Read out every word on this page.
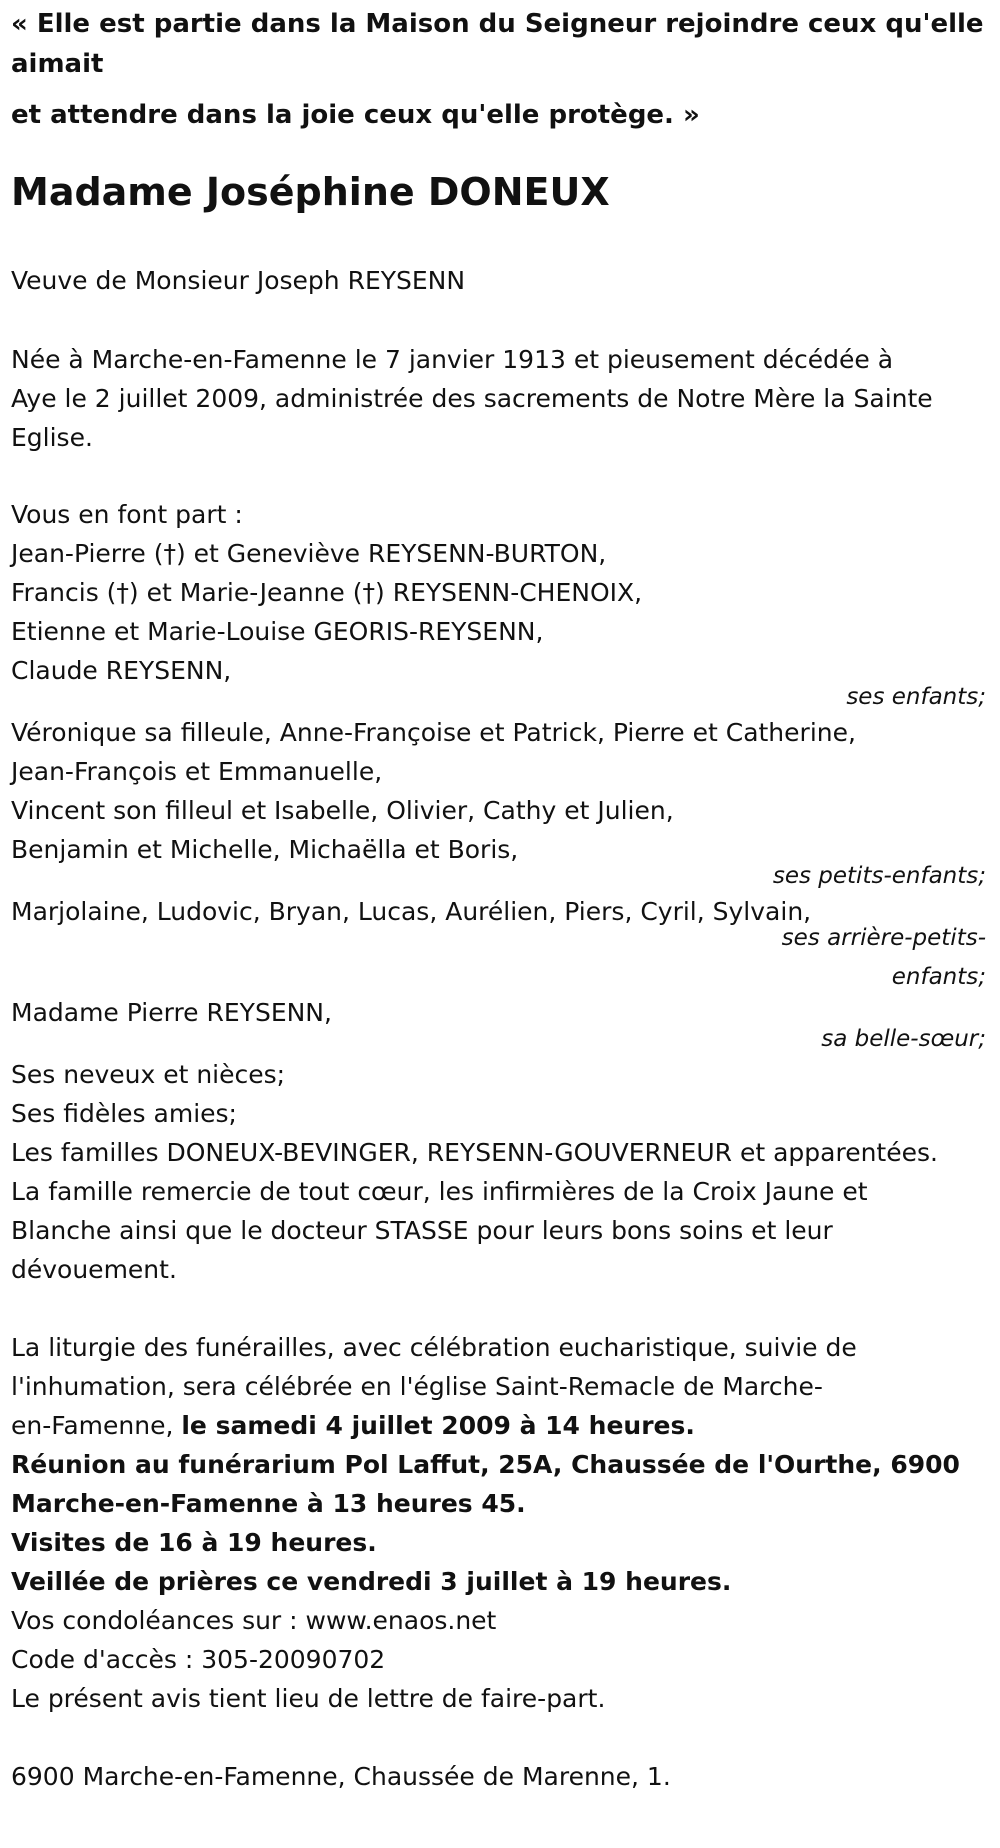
« Elle est partie dans la Maison du Seigneur rejoindre ceux qu'elle

aimait

et attendre dans la joie ceux qu'elle protège. »

Madame Joséphine DONEUX

Veuve de Monsieur Joseph REYSENN

Née à Marche-en-Famenne le 7 janvier 1913 et pieusement décédée à

Aye le 2 juillet 2009, administrée des sacrements de Notre Mère la Sainte

Eglise.

Vous en font part :

Jean-Pierre (†) et Geneviève REYSENN-BURTON,

Francis (†) et Marie-Jeanne (†) REYSENN-CHENOIX,

Etienne et Marie-Louise GEORIS-REYSENN,

Claude REYSENN,

ses enfants;

Véronique sa filleule, Anne-Françoise et Patrick, Pierre et Catherine,

Jean-François et Emmanuelle,

Vincent son filleul et Isabelle, Olivier, Cathy et Julien,

Benjamin et Michelle, Michaëlla et Boris,

ses petits-enfants;

Marjolaine, Ludovic, Bryan, Lucas, Aurélien, Piers, Cyril, Sylvain,

ses arrière-petits-

enfants;

Madame Pierre REYSENN,

sa belle-sœur;

Ses neveux et nièces;

Ses fidèles amies;

Les familles DONEUX-BEVINGER, REYSENN-GOUVERNEUR et apparentées.

La famille remercie de tout cœur, les infirmières de la Croix Jaune et

Blanche ainsi que le docteur STASSE pour leurs bons soins et leur

dévouement.

La liturgie des funérailles, avec célébration eucharistique, suivie de

l'inhumation, sera célébrée en l'église Saint-Remacle de Marche-

en-Famenne, le samedi 4 juillet 2009 à 14 heures.

Réunion au funérarium Pol Laffut, 25A, Chaussée de l'Ourthe, 6900

Marche-en-Famenne à 13 heures 45.

Visites de 16 à 19 heures.

Veillée de prières ce vendredi 3 juillet à 19 heures.

Vos condoléances sur : www.enaos.net

Code d'accès : 305-20090702

Le présent avis tient lieu de lettre de faire-part.

6900 Marche-en-Famenne, Chaussée de Marenne, 1.
